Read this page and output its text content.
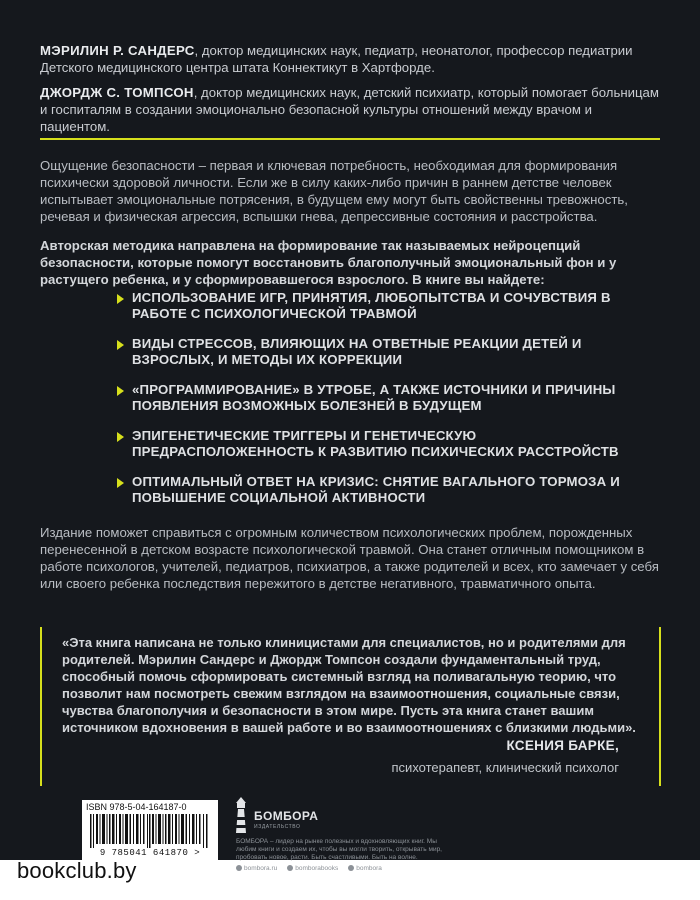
МЭРИЛИН Р. САНДЕРС, доктор медицинских наук, педиатр, неонатолог, профессор педиатрии Детского медицинского центра штата Коннектикут в Хартфорде.

ДЖОРДЖ С. ТОМПСОН, доктор медицинских наук, детский психиатр, который помогает больницам и госпиталям в создании эмоционально безопасной культуры отношений между врачом и пациентом.

Ощущение безопасности – первая и ключевая потребность, необходимая для формирования психически здоровой личности. Если же в силу каких-либо причин в раннем детстве человек испытывает эмоциональные потрясения, в будущем ему могут быть свойственны тревожность, речевая и физическая агрессия, вспышки гнева, депрессивные состояния и расстройства.

Авторская методика направлена на формирование так называемых нейроцепций безопасности, которые помогут восстановить благополучный эмоциональный фон и у растущего ребенка, и у сформировавшегося взрослого. В книге вы найдете:

ИСПОЛЬЗОВАНИЕ ИГР, ПРИНЯТИЯ, ЛЮБОПЫТСТВА И СОЧУВСТВИЯ В РАБОТЕ С ПСИХОЛОГИЧЕСКОЙ ТРАВМОЙ
ВИДЫ СТРЕССОВ, ВЛИЯЮЩИХ НА ОТВЕТНЫЕ РЕАКЦИИ ДЕТЕЙ И ВЗРОСЛЫХ, И МЕТОДЫ ИХ КОРРЕКЦИИ
«ПРОГРАММИРОВАНИЕ» В УТРОБЕ, А ТАКЖЕ ИСТОЧНИКИ И ПРИЧИНЫ ПОЯВЛЕНИЯ ВОЗМОЖНЫХ БОЛЕЗНЕЙ В БУДУЩЕМ
ЭПИГЕНЕТИЧЕСКИЕ ТРИГГЕРЫ И ГЕНЕТИЧЕСКУЮ ПРЕДРАСПОЛОЖЕННОСТЬ К РАЗВИТИЮ ПСИХИЧЕСКИХ РАССТРОЙСТВ
ОПТИМАЛЬНЫЙ ОТВЕТ НА КРИЗИС: СНЯТИЕ ВАГАЛЬНОГО ТОРМОЗА И ПОВЫШЕНИЕ СОЦИАЛЬНОЙ АКТИВНОСТИ

Издание поможет справиться с огромным количеством психологических проблем, порожденных перенесенной в детском возрасте психологической травмой. Она станет отличным помощником в работе психологов, учителей, педиатров, психиатров, а также родителей и всех, кто замечает у себя или своего ребенка последствия пережитого в детстве негативного, травматичного опыта.

«Эта книга написана не только клиницистами для специалистов, но и родителями для родителей. Мэрилин Сандерс и Джордж Томпсон создали фундаментальный труд, способный помочь сформировать системный взгляд на поливагальную теорию, что позволит нам посмотреть свежим взглядом на взаимоотношения, социальные связи, чувства благополучия и безопасности в этом мире. Пусть эта книга станет вашим источником вдохновения в вашей работе и во взаимоотношениях с близкими людьми».

КСЕНИЯ БАРКЕ,
психотерапевт, клинический психолог
ISBN 978-5-04-164187-0
9 785041 641870 >
БОМБОРА
ИЗДАТЕЛЬСТВО

БОМБОРА – лидер на рынке полезных и вдохновляющих книг. Мы любим книги и создаем их, чтобы вы могли творить, открывать мир, пробовать новое, расти. Быть счастливыми. Быть на волне.
bombora.ru	bomborabooks	bombora

bookclub.by
